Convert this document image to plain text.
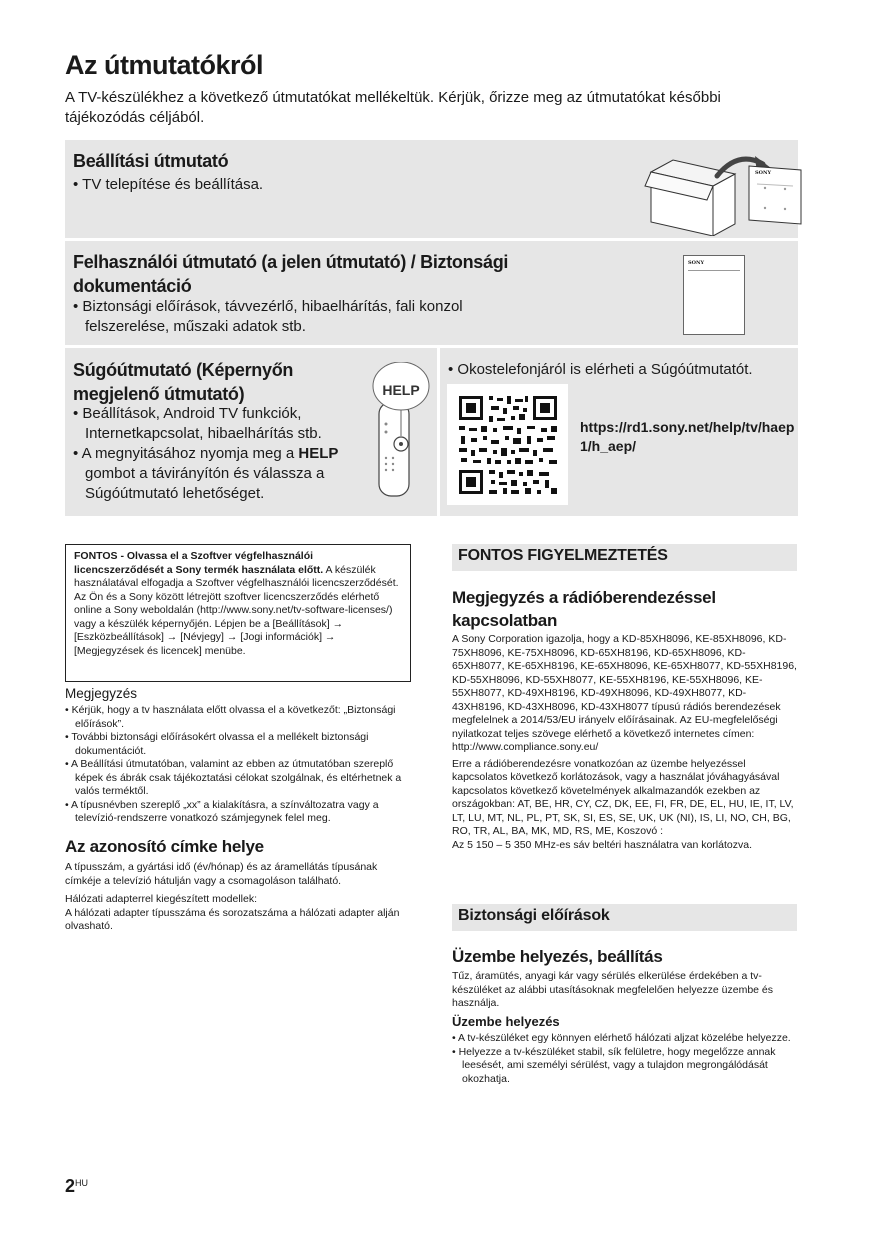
Az útmutatókról
A TV-készülékhez a következő útmutatókat mellékeltük. Kérjük, őrizze meg az útmutatókat későbbi tájékozódás céljából.
Beállítási útmutató
• TV telepítése és beállítása.
SONY
Felhasználói útmutató (a jelen útmutató) / Biztonsági dokumentáció
• Biztonsági előírások, távvezérlő, hibaelhárítás, fali konzol felszerelése, műszaki adatok stb.
SONY
Súgóútmutató (Képernyőn megjelenő útmutató)
• Beállítások, Android TV funkciók, Internetkapcsolat, hibaelhárítás stb.
• A megnyitásához nyomja meg a HELP gombot a távirányítón és válassza a Súgóútmutató lehetőséget.
HELP
• Okostelefonjáról is elérheti a Súgóútmutatót.
https://rd1.sony.net/help/tv/haep1/h_aep/
FONTOS - Olvassa el a Szoftver végfelhasználói licencszerződését a Sony termék használata előtt. A készülék használatával elfogadja a Szoftver végfelhasználói licencszerződését. Az Ön és a Sony között létrejött szoftver licencszerződés elérhető online a Sony weboldalán (http://www.sony.net/tv-software-licenses/) vagy a készülék képernyőjén. Lépjen be a [Beállítások] → [Eszközbeállítások] → [Névjegy] → [Jogi információk] → [Megjegyzések és licencek] menübe.
Megjegyzés
• Kérjük, hogy a tv használata előtt olvassa el a következőt: „Biztonsági előírások”.
• További biztonsági előírásokért olvassa el a mellékelt biztonsági dokumentációt.
• A Beállítási útmutatóban, valamint az ebben az útmutatóban szereplő képek és ábrák csak tájékoztatási célokat szolgálnak, és eltérhetnek a valós terméktől.
• A típusnévben szereplő „xx” a kialakításra, a színváltozatra vagy a televízió-rendszerre vonatkozó számjegynek felel meg.
Az azonosító címke helye
A típusszám, a gyártási idő (év/hónap) és az áramellátás típusának címkéje a televízió hátulján vagy a csomagoláson található.
Hálózati adapterrel kiegészített modellek:
A hálózati adapter típusszáma és sorozatszáma a hálózati adapter alján olvasható.
FONTOS FIGYELMEZTETÉS
Megjegyzés a rádióberendezéssel kapcsolatban
A Sony Corporation igazolja, hogy a KD-85XH8096, KE-85XH8096, KD-75XH8096, KE-75XH8096, KD-65XH8196, KD-65XH8096, KD-65XH8077, KE-65XH8196, KE-65XH8096, KE-65XH8077, KD-55XH8196, KD-55XH8096, KD-55XH8077, KE-55XH8196, KE-55XH8096, KE-55XH8077, KD-49XH8196, KD-49XH8096, KD-49XH8077, KD-43XH8196, KD-43XH8096, KD-43XH8077 típusú rádiós berendezések megfelelnek a 2014/53/EU irányelv előírásainak. Az EU-megfelelőségi nyilatkozat teljes szövege elérhető a következő internetes címen:
http://www.compliance.sony.eu/
Erre a rádióberendezésre vonatkozóan az üzembe helyezéssel kapcsolatos következő korlátozások, vagy a használat jóváhagyásával kapcsolatos következő követelmények alkalmazandók ezekben az országokban: AT, BE, HR, CY, CZ, DK, EE, FI, FR, DE, EL, HU, IE, IT, LV, LT, LU, MT, NL, PL, PT, SK, SI, ES, SE, UK, UK (NI), IS, LI, NO, CH, BG, RO, TR, AL, BA, MK, MD, RS, ME, Koszovó :
Az 5 150 – 5 350 MHz-es sáv beltéri használatra van korlátozva.
Biztonsági előírások
Üzembe helyezés, beállítás
Tűz, áramütés, anyagi kár vagy sérülés elkerülése érdekében a tv-készüléket az alábbi utasításoknak megfelelően helyezze üzembe és használja.
Üzembe helyezés
• A tv-készüléket egy könnyen elérhető hálózati aljzat közelébe helyezze.
• Helyezze a tv-készüléket stabil, sík felületre, hogy megelőzze annak leesését, ami személyi sérülést, vagy a tulajdon megrongálódását okozhatja.
$2^{HU}$
